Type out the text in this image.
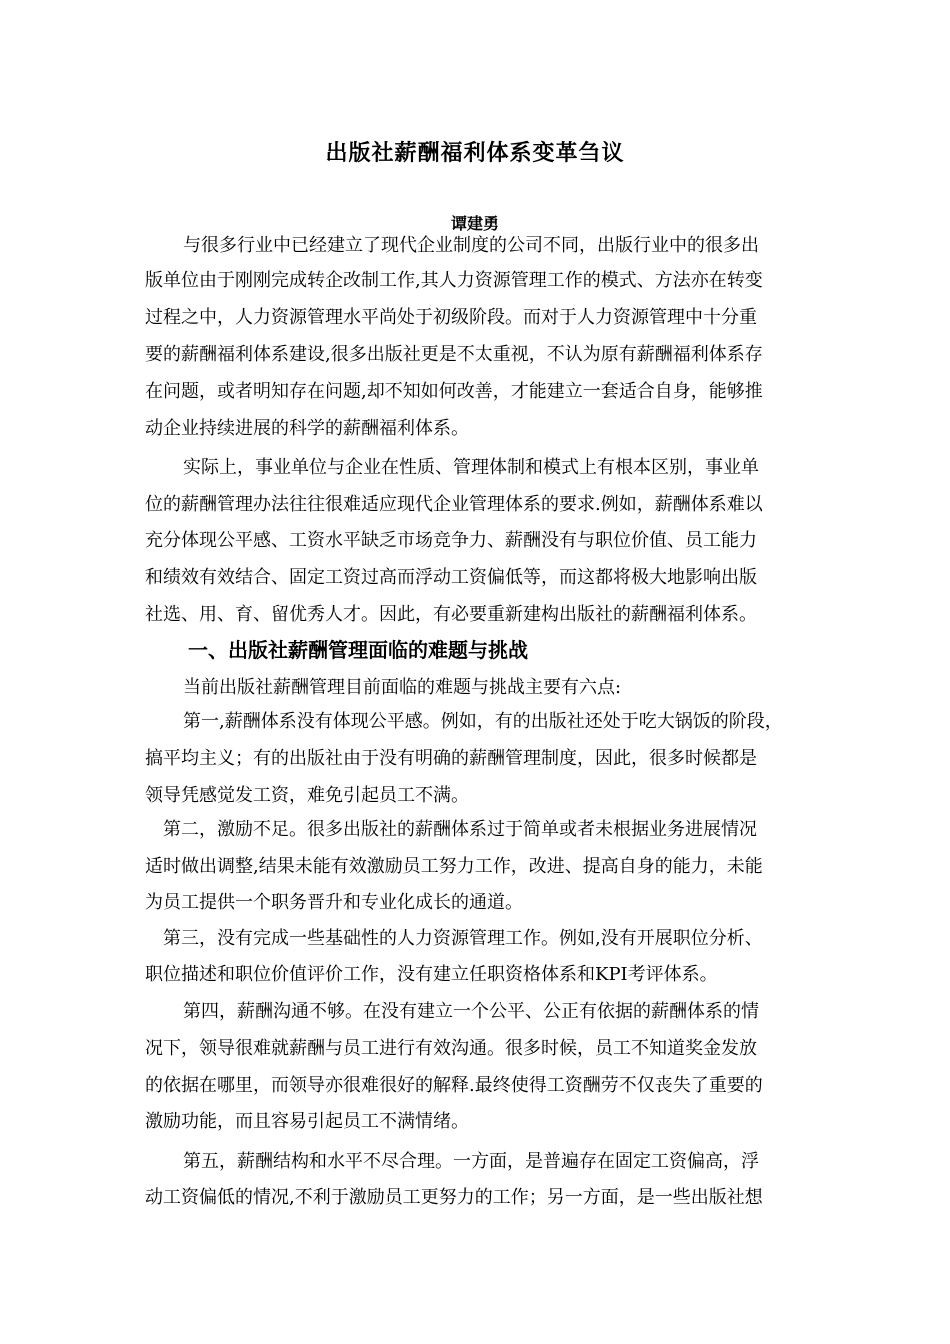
出版社薪酬福利体系变革刍议
谭建勇

与很多行业中已经建立了现代企业制度的公司不同，出版行业中的很多出

版单位由于刚刚完成转企改制工作,其人力资源管理工作的模式、方法亦在转变

过程之中，人力资源管理水平尚处于初级阶段。而对于人力资源管理中十分重

要的薪酬福利体系建设,很多出版社更是不太重视，不认为原有薪酬福利体系存

在问题，或者明知存在问题,却不知如何改善，才能建立一套适合自身，能够推

动企业持续进展的科学的薪酬福利体系。

实际上，事业单位与企业在性质、管理体制和模式上有根本区别，事业单

位的薪酬管理办法往往很难适应现代企业管理体系的要求.例如，薪酬体系难以

充分体现公平感、工资水平缺乏市场竞争力、薪酬没有与职位价值、员工能力

和绩效有效结合、固定工资过高而浮动工资偏低等，而这都将极大地影响出版

社选、用、育、留优秀人才。因此，有必要重新建构出版社的薪酬福利体系。

一、出版社薪酬管理面临的难题与挑战

当前出版社薪酬管理目前面临的难题与挑战主要有六点:

第一,薪酬体系没有体现公平感。例如，有的出版社还处于吃大锅饭的阶段，

搞平均主义；有的出版社由于没有明确的薪酬管理制度，因此，很多时候都是

领导凭感觉发工资，难免引起员工不满。

第二，激励不足。很多出版社的薪酬体系过于简单或者未根据业务进展情况

适时做出调整,结果未能有效激励员工努力工作，改进、提高自身的能力，未能

为员工提供一个职务晋升和专业化成长的通道。

第三，没有完成一些基础性的人力资源管理工作。例如,没有开展职位分析、

职位描述和职位价值评价工作，没有建立任职资格体系和KPI考评体系。

第四，薪酬沟通不够。在没有建立一个公平、公正有依据的薪酬体系的情

况下，领导很难就薪酬与员工进行有效沟通。很多时候，员工不知道奖金发放

的依据在哪里，而领导亦很难很好的解释.最终使得工资酬劳不仅丧失了重要的

激励功能，而且容易引起员工不满情绪。

第五，薪酬结构和水平不尽合理。一方面，是普遍存在固定工资偏高，浮

动工资偏低的情况,不利于激励员工更努力的工作；另一方面，是一些出版社想
